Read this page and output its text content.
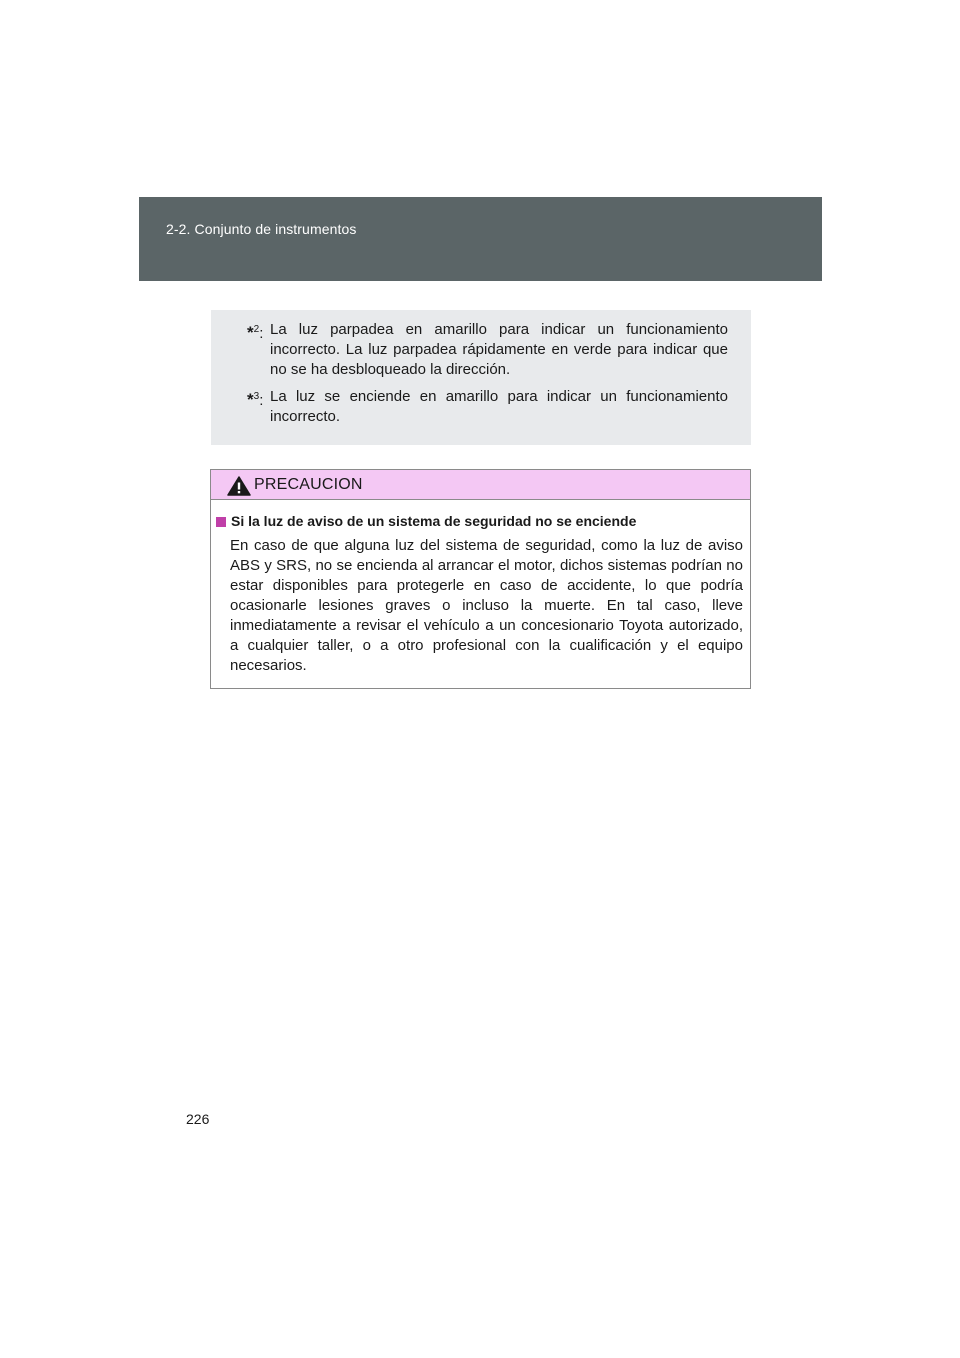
2-2. Conjunto de instrumentos
*$^2$: La luz parpadea en amarillo para indicar un funcionamiento incorrecto. La luz parpadea rápidamente en verde para indicar que no se ha desbloqueado la dirección.
*$^3$: La luz se enciende en amarillo para indicar un funcionamiento incorrecto.
PRECAUCION
Si la luz de aviso de un sistema de seguridad no se enciende
En caso de que alguna luz del sistema de seguridad, como la luz de aviso ABS y SRS, no se encienda al arrancar el motor, dichos sistemas podrían no estar disponibles para protegerle en caso de accidente, lo que podría ocasionarle lesiones graves o incluso la muerte. En tal caso, lleve inmediatamente a revisar el vehículo a un concesionario Toyota autorizado, a cualquier taller, o a otro profesional con la cualificación y el equipo necesarios.
226
